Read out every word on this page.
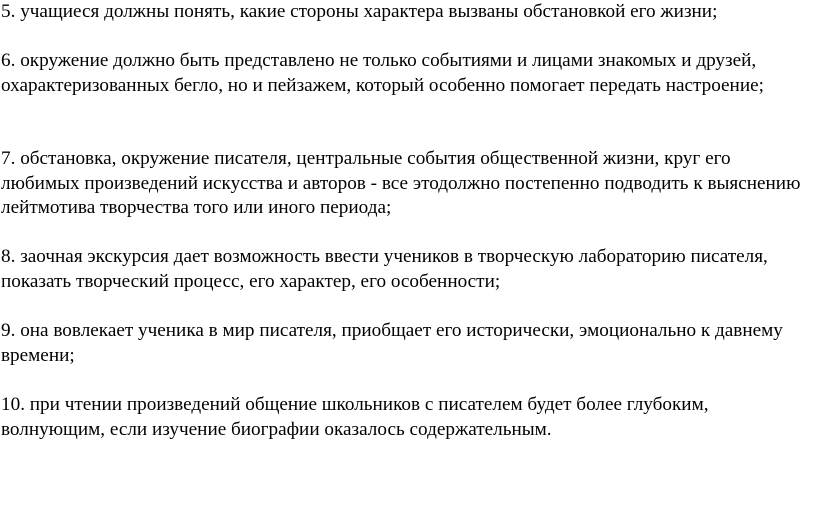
5. учащиеся должны понять, какие стороны характера вызваны обстановкой его жизни;

6. окружение должно быть представлено не только событиями и лицами знакомых и друзей, охарактеризованных бегло, но и пейзажем, который особенно помогает передать настроение;

7. обстановка, окружение писателя, центральные события общественной жизни, круг его любимых произведений искусства и авторов - все этодолжно постепенно подводить к выяснению лейтмотива творчества того или иного периода;

8. заочная экскурсия дает возможность ввести учеников в творческую лабораторию писателя, показать творческий процесс, его характер, его особенности;

9. она вовлекает ученика в мир писателя, приобщает его исторически, эмоционально к давнему времени;

10. при чтении произведений общение школьников с писателем будет более глубоким, волнующим, если изучение биографии оказалось содержательным.
